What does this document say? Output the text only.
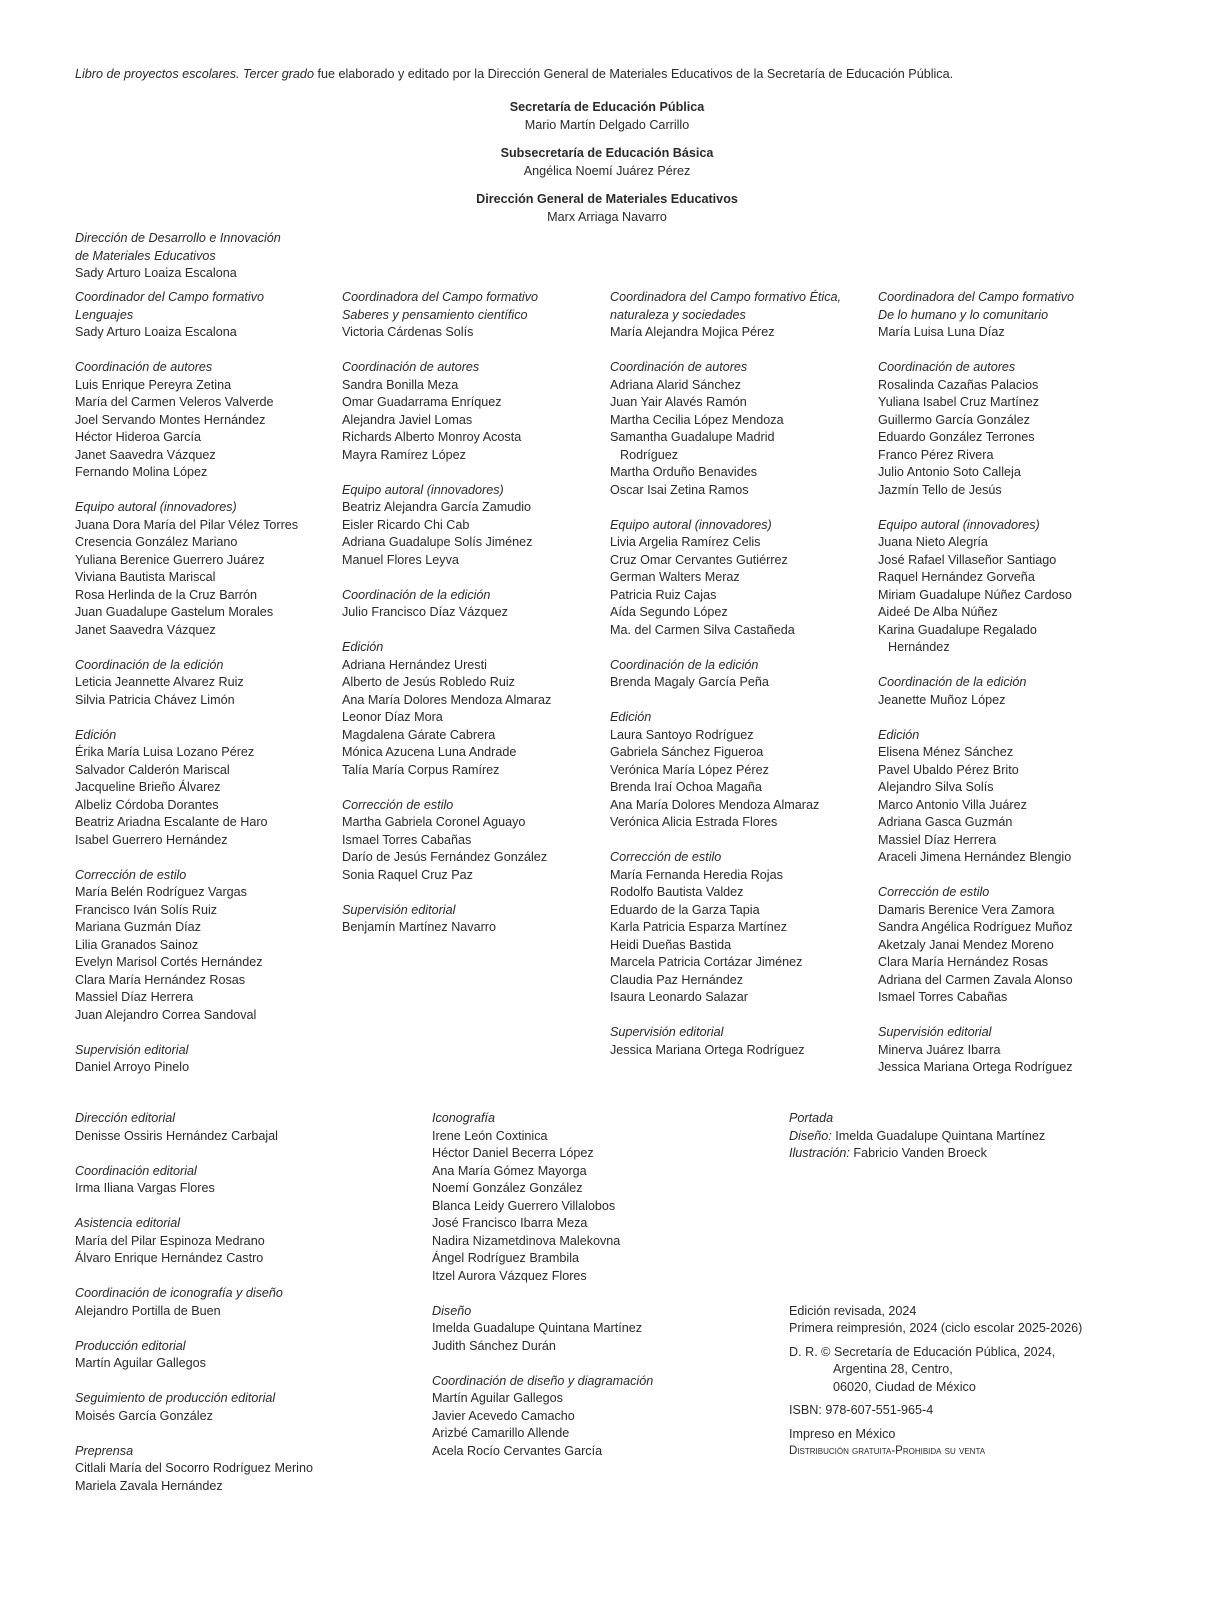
Libro de proyectos escolares. Tercer grado fue elaborado y editado por la Dirección General de Materiales Educativos de la Secretaría de Educación Pública.
Secretaría de Educación Pública
Mario Martín Delgado Carrillo
Subsecretaría de Educación Básica
Angélica Noemí Juárez Pérez
Dirección General de Materiales Educativos
Marx Arriaga Navarro
Dirección de Desarrollo e Innovación
de Materiales Educativos
Sady Arturo Loaiza Escalona
Coordinador del Campo formativo
Lenguajes
Sady Arturo Loaiza Escalona
Coordinación de autores
Luis Enrique Pereyra Zetina
María del Carmen Veleros Valverde
Joel Servando Montes Hernández
Héctor Hideroa García
Janet Saavedra Vázquez
Fernando Molina López
Equipo autoral (innovadores)
Juana Dora María del Pilar Vélez Torres
Cresencia González Mariano
Yuliana Berenice Guerrero Juárez
Viviana Bautista Mariscal
Rosa Herlinda de la Cruz Barrón
Juan Guadalupe Gastelum Morales
Janet Saavedra Vázquez
Coordinación de la edición
Leticia Jeannette Alvarez Ruiz
Silvia Patricia Chávez Limón
Edición
Érika María Luisa Lozano Pérez
Salvador Calderón Mariscal
Jacqueline Brieño Álvarez
Albeliz Córdoba Dorantes
Beatriz Ariadna Escalante de Haro
Isabel Guerrero Hernández
Corrección de estilo
María Belén Rodríguez Vargas
Francisco Iván Solís Ruiz
Mariana Guzmán Díaz
Lilia Granados Sainoz
Evelyn Marisol Cortés Hernández
Clara María Hernández Rosas
Massiel Díaz Herrera
Juan Alejandro Correa Sandoval
Supervisión editorial
Daniel Arroyo Pinelo
Coordinadora del Campo formativo
Saberes y pensamiento científico
Victoria Cárdenas Solís
Coordinación de autores
Sandra Bonilla Meza
Omar Guadarrama Enríquez
Alejandra Javiel Lomas
Richards Alberto Monroy Acosta
Mayra Ramírez López
Equipo autoral (innovadores)
Beatriz Alejandra García Zamudio
Eisler Ricardo Chi Cab
Adriana Guadalupe Solís Jiménez
Manuel Flores Leyva
Coordinación de la edición
Julio Francisco Díaz Vázquez
Edición
Adriana Hernández Uresti
Alberto de Jesús Robledo Ruiz
Ana María Dolores Mendoza Almaraz
Leonor Díaz Mora
Magdalena Gárate Cabrera
Mónica Azucena Luna Andrade
Talía María Corpus Ramírez
Corrección de estilo
Martha Gabriela Coronel Aguayo
Ismael Torres Cabañas
Darío de Jesús Fernández González
Sonia Raquel Cruz Paz
Supervisión editorial
Benjamín Martínez Navarro
Coordinadora del Campo formativo Ética,
naturaleza y sociedades
María Alejandra Mojica Pérez
Coordinación de autores
Adriana Alarid Sánchez
Juan Yair Alavés Ramón
Martha Cecilia López Mendoza
Samantha Guadalupe Madrid
Rodríguez
Martha Orduño Benavides
Oscar Isai Zetina Ramos
Equipo autoral (innovadores)
Livia Argelia Ramírez Celis
Cruz Omar Cervantes Gutiérrez
German Walters Meraz
Patricia Ruiz Cajas
Aída Segundo López
Ma. del Carmen Silva Castañeda
Coordinación de la edición
Brenda Magaly García Peña
Edición
Laura Santoyo Rodríguez
Gabriela Sánchez Figueroa
Verónica María López Pérez
Brenda Iraí Ochoa Magaña
Ana María Dolores Mendoza Almaraz
Verónica Alicia Estrada Flores
Corrección de estilo
María Fernanda Heredia Rojas
Rodolfo Bautista Valdez
Eduardo de la Garza Tapia
Karla Patricia Esparza Martínez
Heidi Dueñas Bastida
Marcela Patricia Cortázar Jiménez
Claudia Paz Hernández
Isaura Leonardo Salazar
Supervisión editorial
Jessica Mariana Ortega Rodríguez
Coordinadora del Campo formativo
De lo humano y lo comunitario
María Luisa Luna Díaz
Coordinación de autores
Rosalinda Cazañas Palacios
Yuliana Isabel Cruz Martínez
Guillermo García González
Eduardo González Terrones
Franco Pérez Rivera
Julio Antonio Soto Calleja
Jazmín Tello de Jesús
Equipo autoral (innovadores)
Juana Nieto Alegría
José Rafael Villaseñor Santiago
Raquel Hernández Gorveña
Miriam Guadalupe Núñez Cardoso
Aideé De Alba Núñez
Karina Guadalupe Regalado
Hernández
Coordinación de la edición
Jeanette Muñoz López
Edición
Elisena Ménez Sánchez
Pavel Ubaldo Pérez Brito
Alejandro Silva Solís
Marco Antonio Villa Juárez
Adriana Gasca Guzmán
Massiel Díaz Herrera
Araceli Jimena Hernández Blengio
Corrección de estilo
Damaris Berenice Vera Zamora
Sandra Angélica Rodríguez Muñoz
Aketzaly Janai Mendez Moreno
Clara María Hernández Rosas
Adriana del Carmen Zavala Alonso
Ismael Torres Cabañas
Supervisión editorial
Minerva Juárez Ibarra
Jessica Mariana Ortega Rodríguez
Dirección editorial
Denisse Ossiris Hernández Carbajal
Coordinación editorial
Irma Iliana Vargas Flores
Asistencia editorial
María del Pilar Espinoza Medrano
Álvaro Enrique Hernández Castro
Coordinación de iconografía y diseño
Alejandro Portilla de Buen
Producción editorial
Martín Aguilar Gallegos
Seguimiento de producción editorial
Moisés García González
Preprensa
Citlali María del Socorro Rodríguez Merino
Mariela Zavala Hernández
Iconografía
Irene León Coxtinica
Héctor Daniel Becerra López
Ana María Gómez Mayorga
Noemí González González
Blanca Leidy Guerrero Villalobos
José Francisco Ibarra Meza
Nadira Nizametdinova Malekovna
Ángel Rodríguez Brambila
Itzel Aurora Vázquez Flores
Diseño
Imelda Guadalupe Quintana Martínez
Judith Sánchez Durán
Coordinación de diseño y diagramación
Martín Aguilar Gallegos
Javier Acevedo Camacho
Arizbé Camarillo Allende
Acela Rocío Cervantes García
Portada
Diseño: Imelda Guadalupe Quintana Martínez
Ilustración: Fabricio Vanden Broeck
Edición revisada, 2024
Primera reimpresión, 2024 (ciclo escolar 2025-2026)
D. R. © Secretaría de Educación Pública, 2024,
Argentina 28, Centro,
06020, Ciudad de México
ISBN: 978-607-551-965-4
Impreso en México
Distribución gratuita-Prohibida su venta
